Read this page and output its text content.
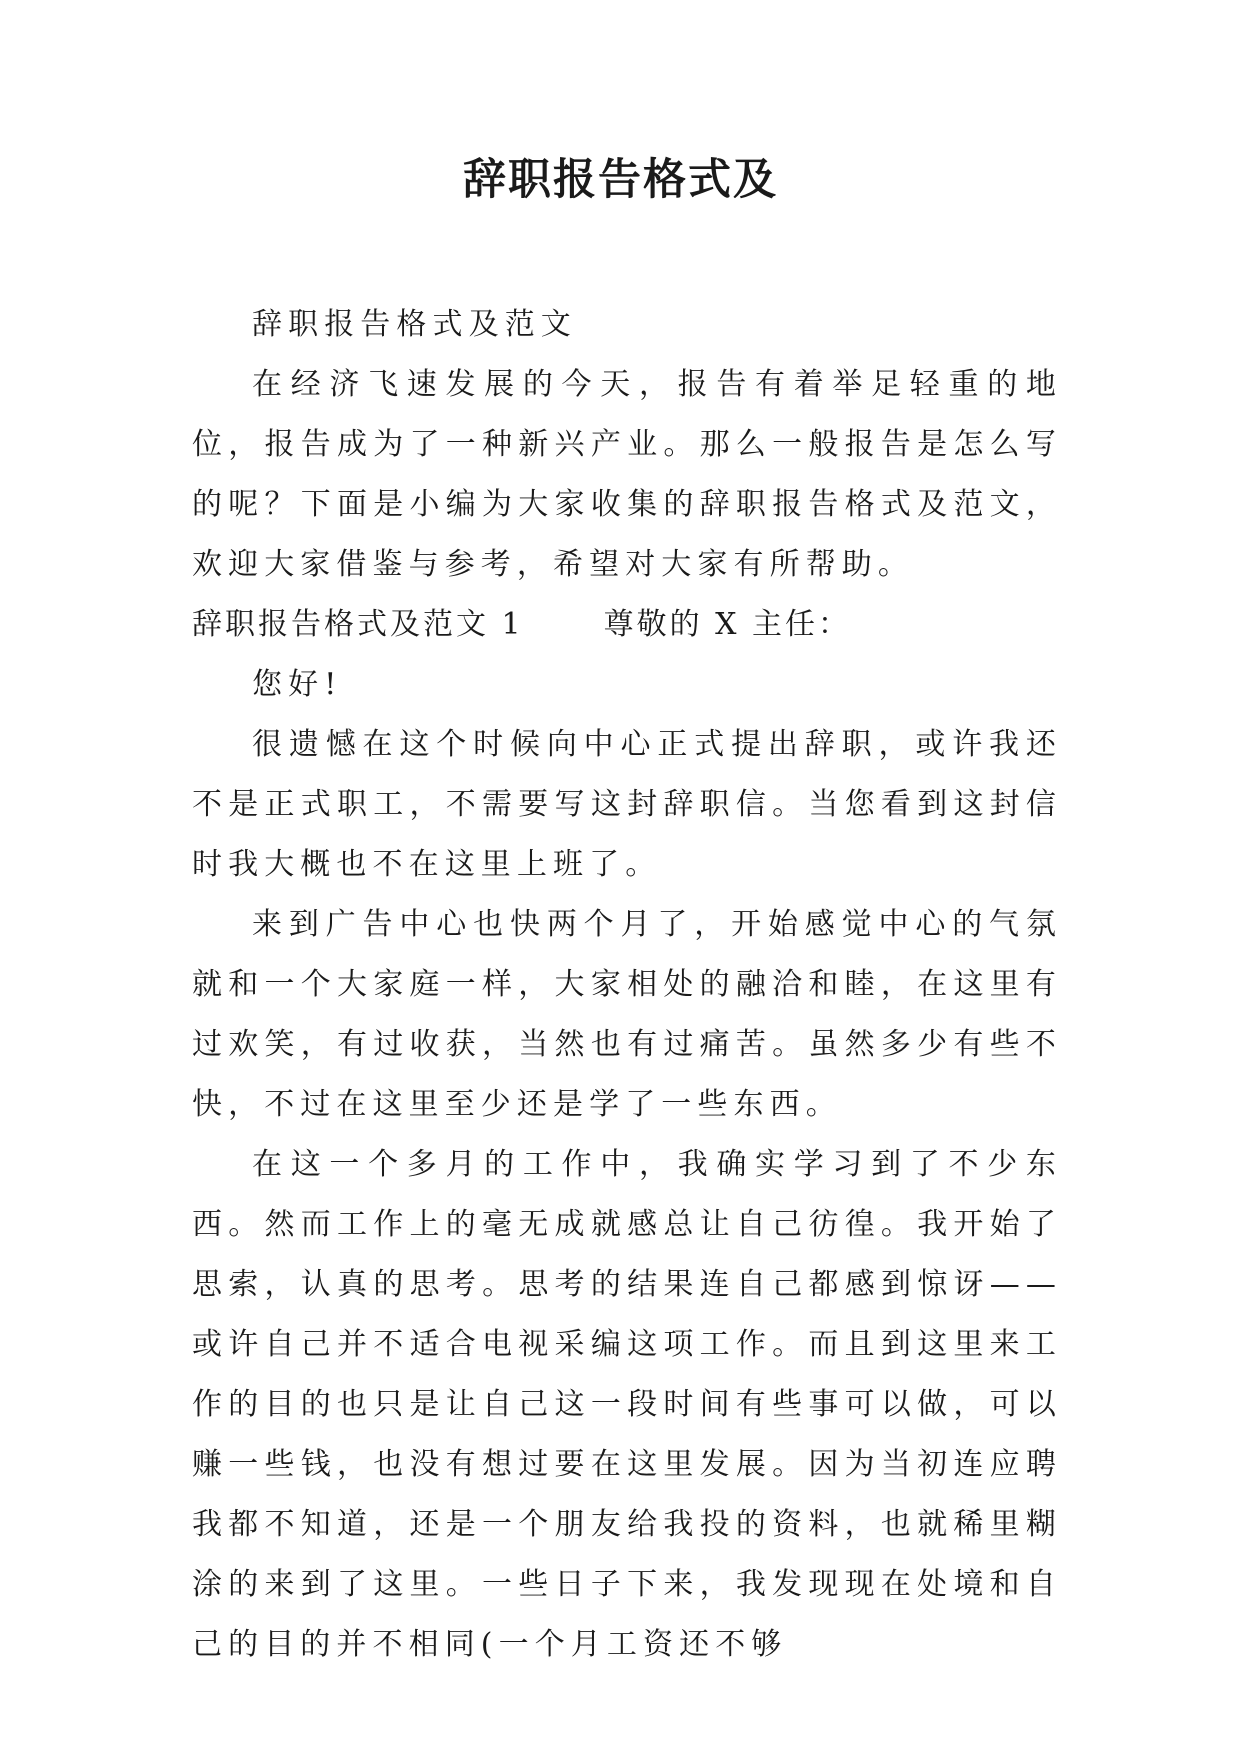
辞职报告格式及

辞职报告格式及范文

在经济飞速发展的今天，报告有着举足轻重的地位，报告成为了一种新兴产业。那么一般报告是怎么写的呢？下面是小编为大家收集的辞职报告格式及范文，欢迎大家借鉴与参考，希望对大家有所帮助。

辞职报告格式及范文 1	尊敬的 X 主任：

您好!

很遗憾在这个时候向中心正式提出辞职，或许我还不是正式职工，不需要写这封辞职信。当您看到这封信时我大概也不在这里上班了。

来到广告中心也快两个月了，开始感觉中心的气氛就和一个大家庭一样，大家相处的融洽和睦，在这里有过欢笑，有过收获，当然也有过痛苦。虽然多少有些不快，不过在这里至少还是学了一些东西。

在这一个多月的工作中，我确实学习到了不少东西。然而工作上的毫无成就感总让自己彷徨。我开始了思索，认真的思考。思考的结果连自己都感到惊讶——或许自己并不适合电视采编这项工作。而且到这里来工作的目的也只是让自己这一段时间有些事可以做，可以赚一些钱，也没有想过要在这里发展。因为当初连应聘我都不知道，还是一个朋友给我投的资料，也就稀里糊涂的来到了这里。一些日子下来，我发现现在处境和自己的目的并不相同(一个月工资还不够
